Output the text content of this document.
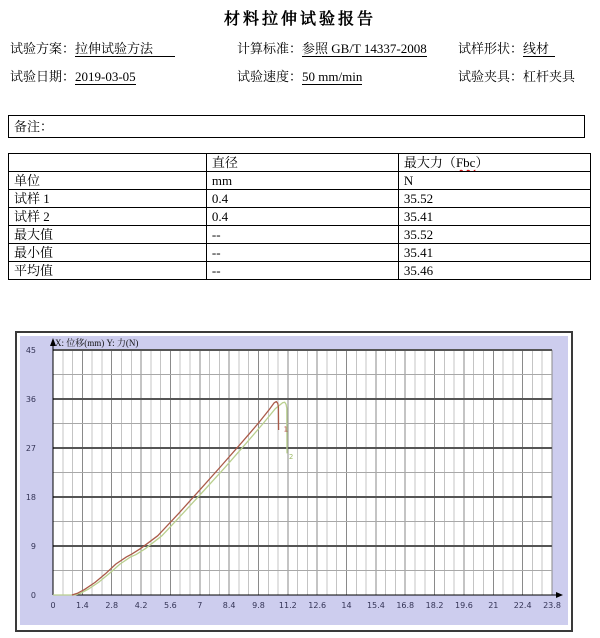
材料拉伸试验报告
试验方案：拉伸试验方法	计算标准：参照 GB/T 14337-2008 试样形状：线材
试验日期：2019-03-05	试验速度：50 mm/min	试验夹具：杠杆夹具
备注：
	直径	最大力（Fbc）
单位	mm	N
试样 1	0.4	35.52
试样 2	0.4	35.41
最大值	--	35.52
最小值	--	35.41
平均值	--	35.46
0	1.4 2.8 4.2 5.6	7	8.4 9.8 11.2 12.6 14 15.4 16.8 18.2 19.6 21 22.4 23.8
0
9
18
27
36
45
X: 位移(mm) Y: 力(N)
1
2
